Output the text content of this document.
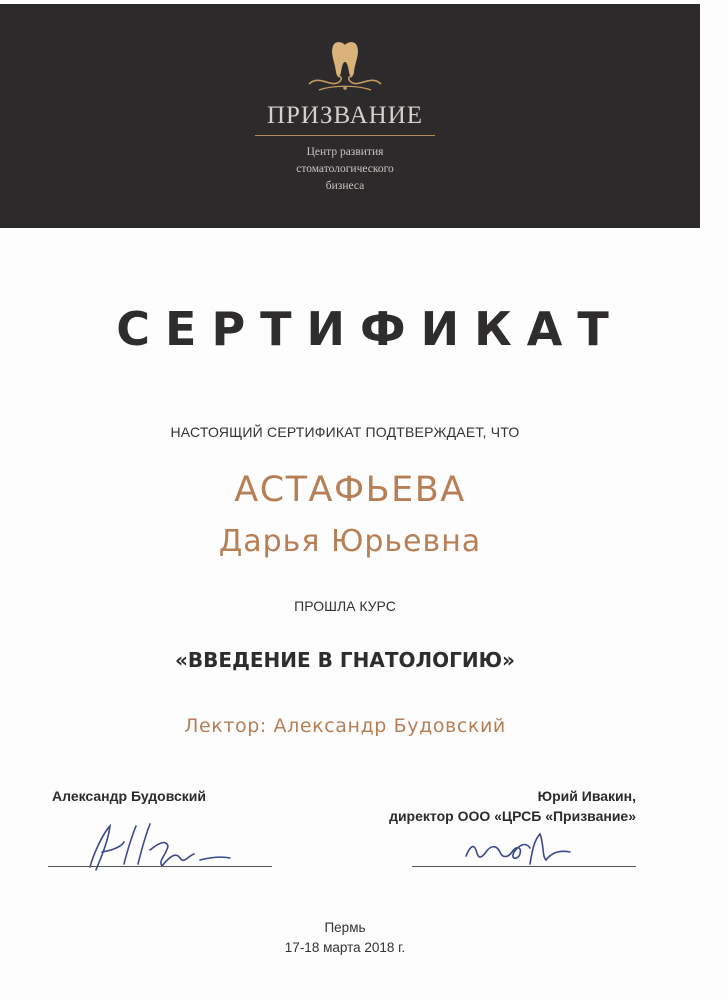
ПРИЗВАНИЕ
Центр развития
стоматологического
бизнеса
СЕРТИФИКАТ
НАСТОЯЩИЙ СЕРТИФИКАТ ПОДТВЕРЖДАЕТ, ЧТО
АСТАФЬЕВА
Дарья Юрьевна
ПРОШЛА КУРС
«ВВЕДЕНИЕ В ГНАТОЛОГИЮ»
Лектор: Александр Будовский
Александр Будовский	Юрий Ивакин,
директор ООО «ЦРСБ «Призвание»
Пермь
17-18 марта 2018 г.
